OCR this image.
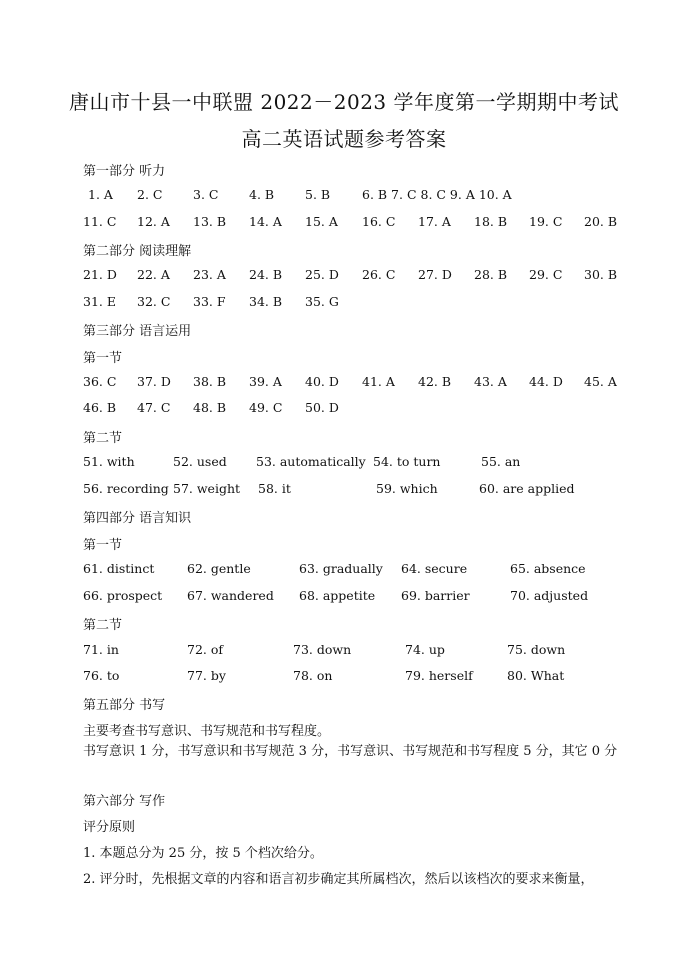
唐山市十县一中联盟 2022－2023 学年度第一学期期中考试
高二英语试题参考答案
第一部分 听力
1. A 2. C 3. C 4. B 5. B	6. B 7. C 8. C 9. A 10. A
11. C 12. A 13. B 14. A 15. A 16. C 17. A 18. B 19. C 20. B
第二部分 阅读理解
21. D 22. A 23. A 24. B 25. D 26. C 27. D 28. B 29. C 30. B
31. E 32. C 33. F 34. B 35. G
第三部分 语言运用
第一节
36. C 37. D 38. B 39. A 40. D 41. A 42. B 43. A 44. D 45. A
46. B 47. C 48. B 49. C 50. D
第二节
51. with	52. used 53. automatically 54. to turn	55. an
56. recording 57. weight 58. it	59. which	60. are applied
第四部分 语言知识
第一节
61. distinct	62. gentle	63. gradually 64. secure	65. absence
66. prospect 67. wandered 68. appetite 69. barrier	70. adjusted
第二节
71. in	72. of	73. down	74. up	75. down
76. to	77. by	78. on	79. herself	80. What
第五部分 书写
主要考查书写意识、书写规范和书写程度。
书写意识 1 分，书写意识和书写规范 3 分，书写意识、书写规范和书写程度 5 分，其它 0 分
第六部分 写作
评分原则
1. 本题总分为 25 分，按 5 个档次给分。
2. 评分时，先根据文章的内容和语言初步确定其所属档次，然后以该档次的要求来衡量，
